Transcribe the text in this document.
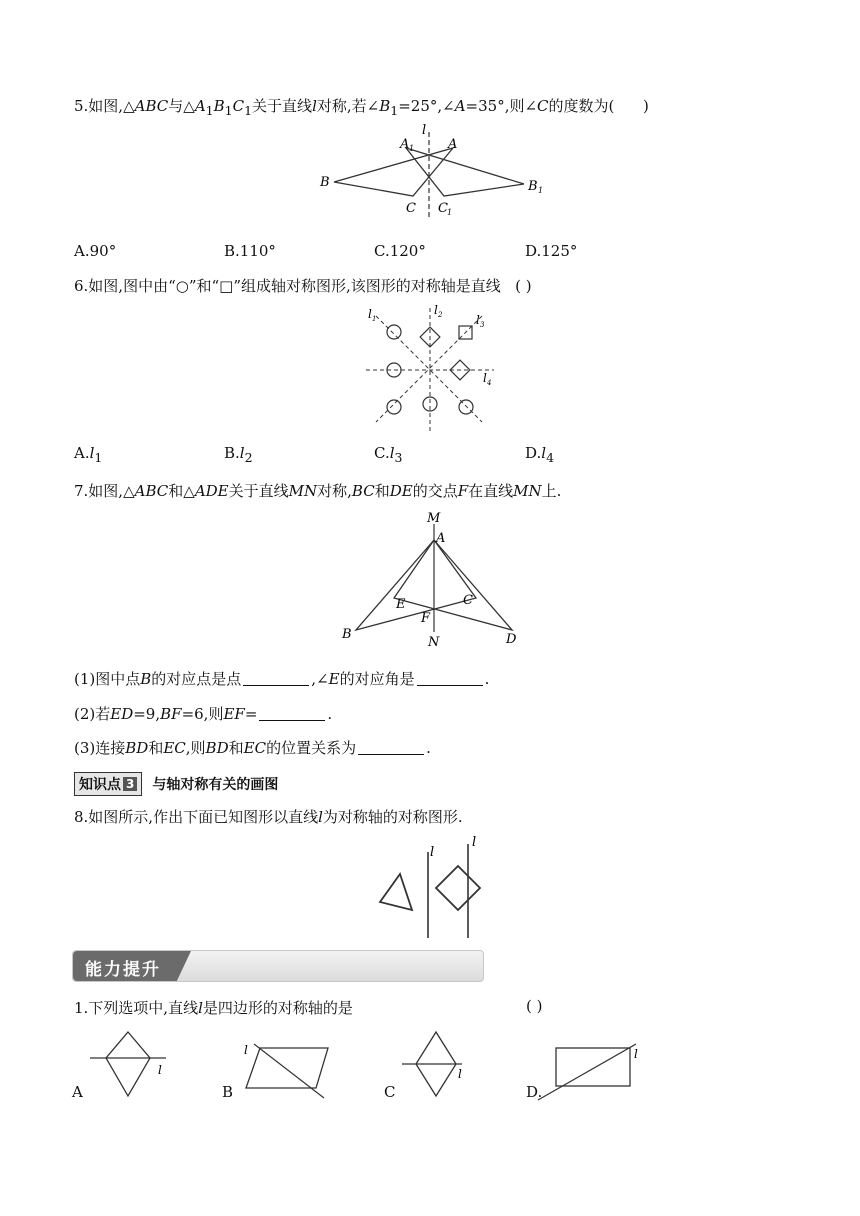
5.如图,△ABC与$\triangle A_1B_1C_1$关于直线l对称,若$\angle B_1=25^\circ,\angle A=35^\circ$,则∠C的度数为( )
l
A 1	A
B	B 1
C C 1
A.90°	B.110°	C.120°	D.125°
6.如图,图中由“○”和“□”组成轴对称图形,该图形的对称轴是直线 ( )
l 1
l 2	l 3
l 4
$A.l_1$	$B.l_2$	$C.l_3$	$D.l_4$
7.如图,△ABC和△ADE关于直线MN对称,BC和DE的交点F在直线MN上.
M
A
E	C
F
B
N	D
(1)图中点B的对应点是点	,∠E的对应角是	.
(2)若ED=9,BF=6,则EF=	.
(3)连接BD和EC,则BD和EC的位置关系为	.
知识点 3 与轴对称有关的画图
8.如图所示,作出下面已知图形以直线l为对称轴的对称图形.
l
l
能力提升
1.下列选项中,直线l是四边形的对称轴的是	( )
l
A
l
B
l
C
l
D.
